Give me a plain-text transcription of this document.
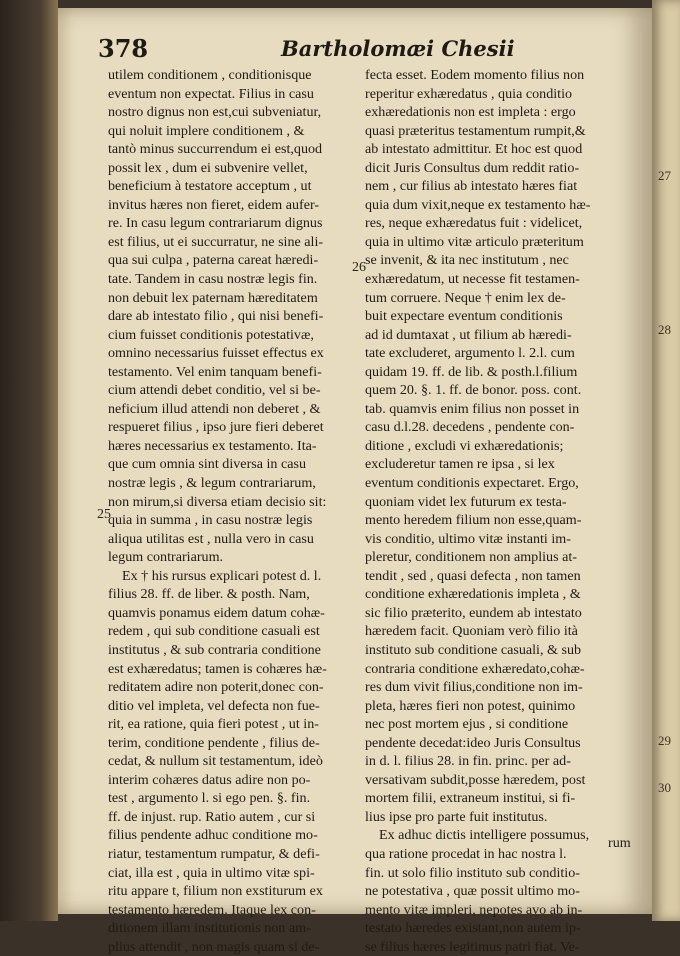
27
28
29
30
378	Bartholomæi Chesii
utilem conditionem , conditionisque
eventum non expectat. Filius in casu
nostro dignus non est,cui subveniatur,
qui noluit implere conditionem , &
tantò minus succurrendum ei est,quod
possit lex , dum ei subvenire vellet,
beneficium à testatore acceptum , ut
invitus hæres non fieret, eidem aufer-
re. In casu legum contrariarum dignus
est filius, ut ei succurratur, ne sine ali-
qua sui culpa , paterna careat hæredi-
tate. Tandem in casu nostræ legis fin.
non debuit lex paternam hæreditatem
dare ab intestato filio , qui nisi benefi-
cium fuisset conditionis potestativæ,
omnino necessarius fuisset effectus ex
testamento. Vel enim tanquam benefi-
cium attendi debet conditio, vel si be-
neficium illud attendi non deberet , &
respueret filius , ipso jure fieri deberet
hæres necessarius ex testamento. Ita-
que cum omnia sint diversa in casu
nostræ legis , & legum contrariarum,
non mirum,si diversa etiam decisio sit:
quia in summa , in casu nostræ legis
aliqua utilitas est , nulla vero in casu
legum contrariarum.
Ex † his rursus explicari potest d. l.
filius 28. ff. de liber. & posth. Nam,
quamvis ponamus eidem datum cohæ-
redem , qui sub conditione casuali est
institutus , & sub contraria conditione
est exhæredatus; tamen is cohæres hæ-
reditatem adire non poterit,donec con-
ditio vel impleta, vel defecta non fue-
rit, ea ratione, quia fieri potest , ut in-
terim, conditione pendente , filius de-
cedat, & nullum sit testamentum, ideò
interim cohæres datus adire non po-
test , argumento l. si ego pen. §. fin.
ff. de injust. rup. Ratio autem , cur si
filius pendente adhuc conditione mo-
riatur, testamentum rumpatur, & defi-
ciat, illa est , quia in ultimo vitæ spi-
ritu appare t, filium non exstiturum ex
testamento hæredem. Itaque lex con-
ditionem illam institutionis non am-
plius attendit , non magis quam si de-
fecta esset. Eodem momento filius non
reperitur exhæredatus , quia conditio
exhæredationis non est impleta : ergo
quasi præteritus testamentum rumpit,&
ab intestato admittitur. Et hoc est quod
dicit Juris Consultus dum reddit ratio-
nem , cur filius ab intestato hæres fiat
quia dum vixit,neque ex testamento hæ-
res, neque exhæredatus fuit : videlicet,
quia in ultimo vitæ articulo præteritum
se invenit, & ita nec institutum , nec
exhæredatum, ut necesse fit testamen-
tum corruere. Neque † enim lex de-
buit expectare eventum conditionis
ad id dumtaxat , ut filium ab hæredi-
tate excluderet, argumento l. 2.l. cum
quidam 19. ff. de lib. & posth.l.filium
quem 20. §. 1. ff. de bonor. poss. cont.
tab. quamvis enim filius non posset in
casu d.l.28. decedens , pendente con-
ditione , excludi vi exhæredationis;
excluderetur tamen re ipsa , si lex
eventum conditionis expectaret. Ergo,
quoniam videt lex futurum ex testa-
mento heredem filium non esse,quam-
vis conditio, ultimo vitæ instanti im-
pleretur, conditionem non amplius at-
tendit , sed , quasi defecta , non tamen
conditione exhæredationis impleta , &
sic filio præterito, eundem ab intestato
hæredem facit. Quoniam verò filio ità
instituto sub conditione casuali, & sub
contraria conditione exhæredato,cohæ-
res dum vivit filius,conditione non im-
pleta, hæres fieri non potest, quinimo
nec post mortem ejus , si conditione
pendente decedat:ideo Juris Consultus
in d. l. filius 28. in fin. princ. per ad-
versativam subdit,posse hæredem, post
mortem filii, extraneum institui, si fi-
lius ipse pro parte fuit institutus.
Ex adhuc dictis intelligere possumus,
qua ratione procedat in hac nostra l.
fin. ut solo filio instituto sub conditio-
ne potestativa , quæ possit ultimo mo-
mento vitæ impleri, nepotes avo ab in-
testato hæredes existant,non autem ip-
se filius hæres legitimus patri fiat. Ve-
25
26
rum
